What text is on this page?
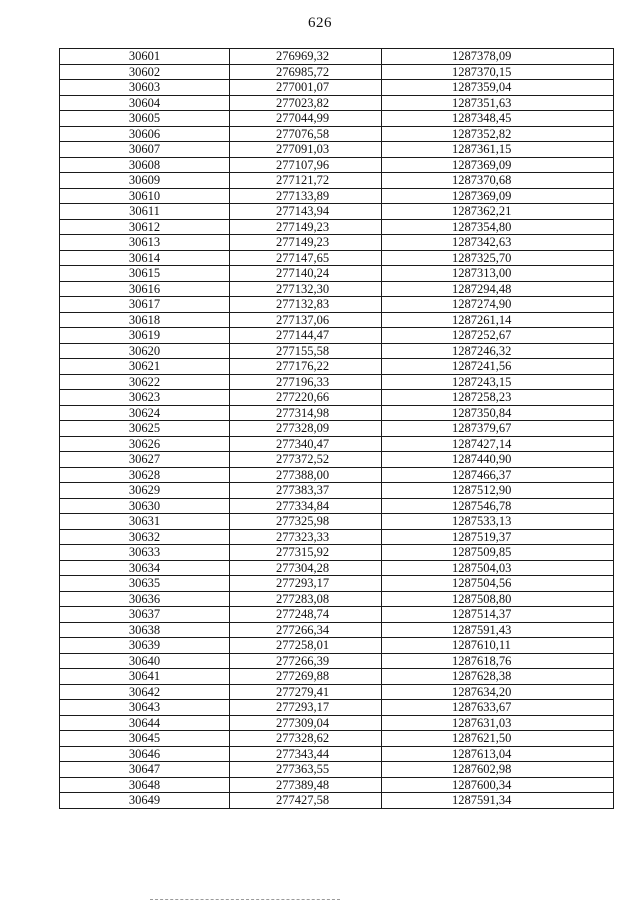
626
30601	276969,32	1287378,09
30602	276985,72	1287370,15
30603	277001,07	1287359,04
30604	277023,82	1287351,63
30605	277044,99	1287348,45
30606	277076,58	1287352,82
30607	277091,03	1287361,15
30608	277107,96	1287369,09
30609	277121,72	1287370,68
30610	277133,89	1287369,09
30611	277143,94	1287362,21
30612	277149,23	1287354,80
30613	277149,23	1287342,63
30614	277147,65	1287325,70
30615	277140,24	1287313,00
30616	277132,30	1287294,48
30617	277132,83	1287274,90
30618	277137,06	1287261,14
30619	277144,47	1287252,67
30620	277155,58	1287246,32
30621	277176,22	1287241,56
30622	277196,33	1287243,15
30623	277220,66	1287258,23
30624	277314,98	1287350,84
30625	277328,09	1287379,67
30626	277340,47	1287427,14
30627	277372,52	1287440,90
30628	277388,00	1287466,37
30629	277383,37	1287512,90
30630	277334,84	1287546,78
30631	277325,98	1287533,13
30632	277323,33	1287519,37
30633	277315,92	1287509,85
30634	277304,28	1287504,03
30635	277293,17	1287504,56
30636	277283,08	1287508,80
30637	277248,74	1287514,37
30638	277266,34	1287591,43
30639	277258,01	1287610,11
30640	277266,39	1287618,76
30641	277269,88	1287628,38
30642	277279,41	1287634,20
30643	277293,17	1287633,67
30644	277309,04	1287631,03
30645	277328,62	1287621,50
30646	277343,44	1287613,04
30647	277363,55	1287602,98
30648	277389,48	1287600,34
30649	277427,58	1287591,34
